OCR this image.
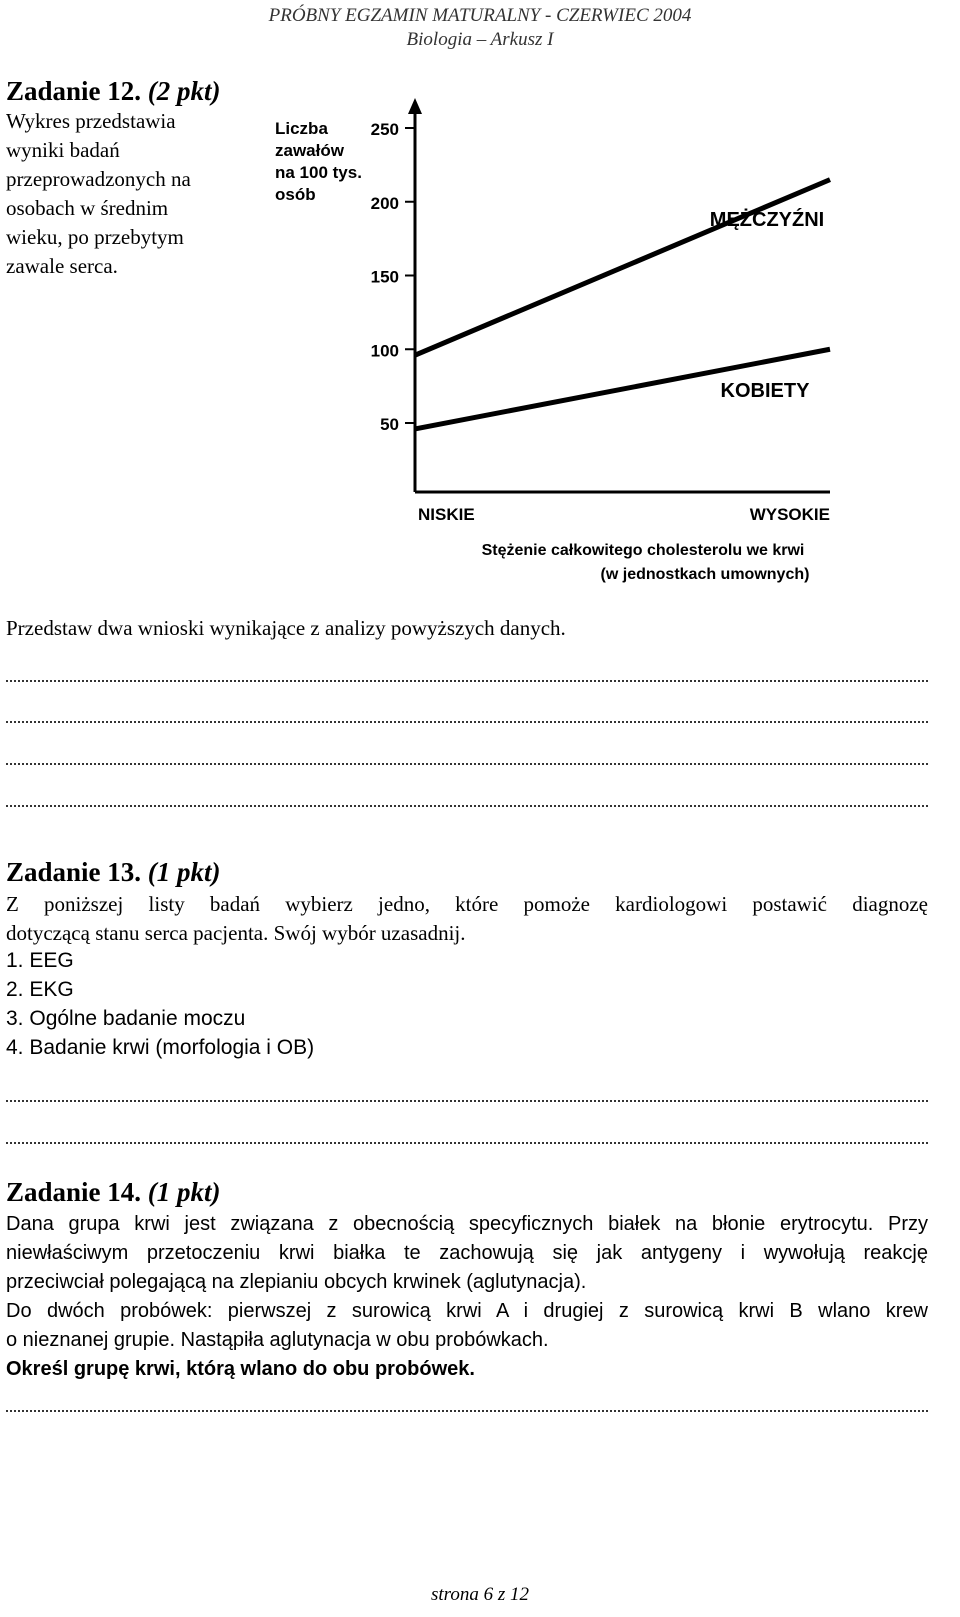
PRÓBNY EGZAMIN MATURALNY - CZERWIEC 2004
Biologia – Arkusz I
Zadanie 12. (2 pkt)
Wykres przedstawia
wyniki badań
przeprowadzonych na
osobach w średnim
wieku, po przebytym
zawale serca.
250
200
150
100
50
Liczba
zawałów
na 100 tys.
osób
NISKIE	WYSOKIE
Stężenie całkowitego cholesterolu we krwi
(w jednostkach umownych)
MĘŻCZYŹNI
KOBIETY
Przedstaw dwa wnioski wynikające z analizy powyższych danych.
Zadanie 13. (1 pkt)
Z poniższej listy badań wybierz jedno, które pomoże kardiologowi postawić diagnozę
dotyczącą stanu serca pacjenta. Swój wybór uzasadnij.
1. EEG
2. EKG
3. Ogólne badanie moczu
4. Badanie krwi (morfologia i OB)
Zadanie 14. (1 pkt)
Dana grupa krwi jest związana z obecnością specyficznych białek na błonie erytrocytu. Przy
niewłaściwym przetoczeniu krwi białka te zachowują się jak antygeny i wywołują reakcję
przeciwciał polegającą na zlepianiu obcych krwinek (aglutynacja).
Do dwóch probówek: pierwszej z surowicą krwi A i drugiej z surowicą krwi B wlano krew
o nieznanej grupie. Nastąpiła aglutynacja w obu probówkach.
Określ grupę krwi, którą wlano do obu probówek.
strona 6 z 12
